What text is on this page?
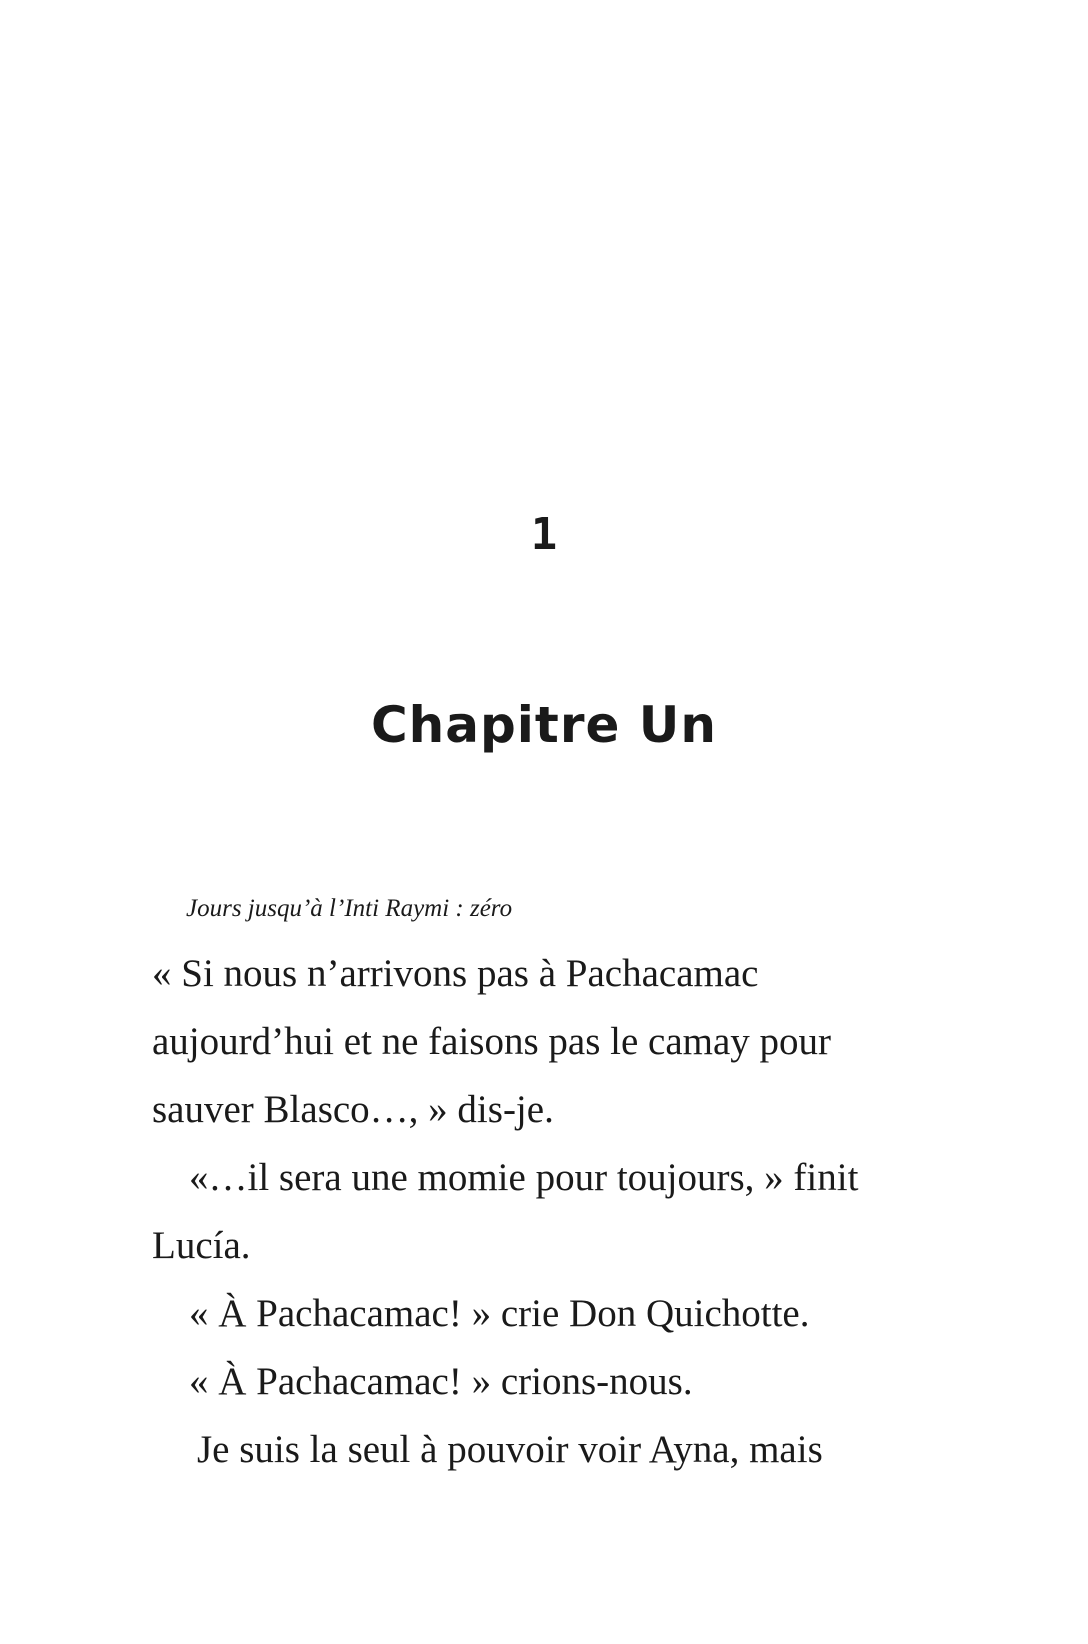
1
Chapitre Un
Jours jusqu’à l’Inti Raymi : zéro
« Si nous n’arrivons pas à Pachacamac
aujourd’hui et ne faisons pas le camay pour
sauver Blasco…, » dis-je.
«…il sera une momie pour toujours, » finit
Lucía.
« À Pachacamac! » crie Don Quichotte.
« À Pachacamac! » crions-nous.
Je suis la seul à pouvoir voir Ayna, mais
